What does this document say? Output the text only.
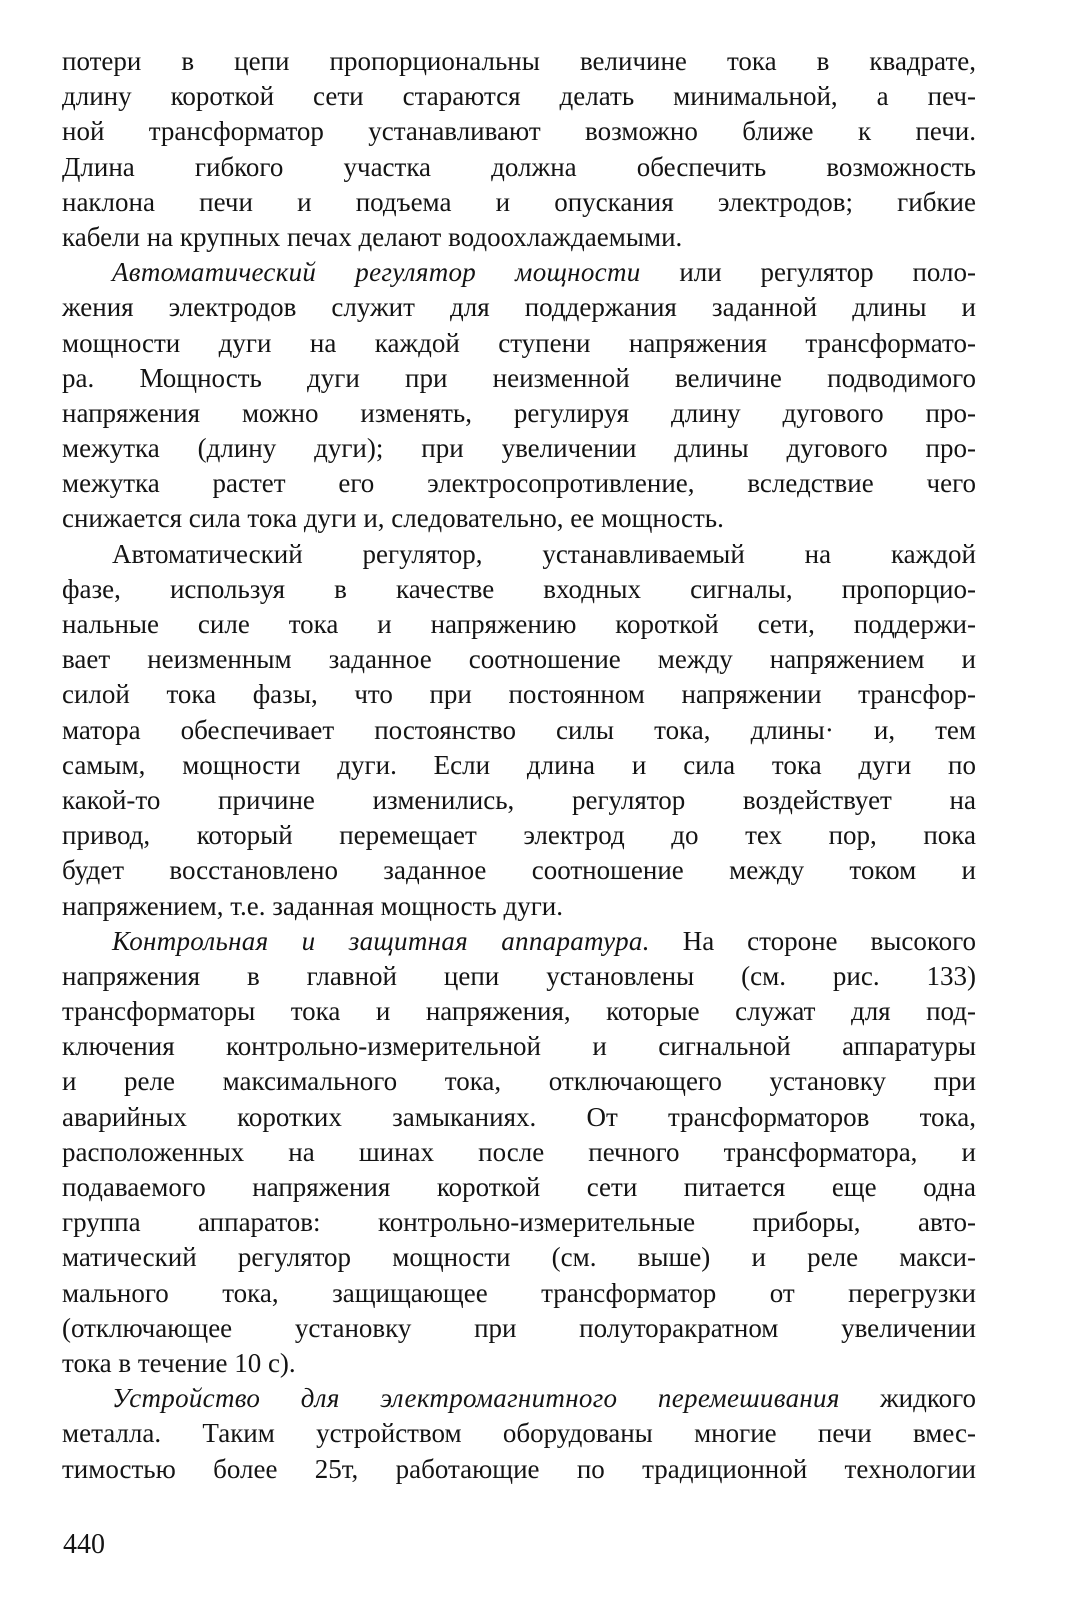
потери в цепи пропорциональны величине тока в квадрате,
длину короткой сети стараются делать минимальной, а печ-
ной трансформатор устанавливают возможно ближе к печи.
Длина гибкого участка должна обеспечить возможность
наклона печи и подъема и опускания электродов; гибкие
кабели на крупных печах делают водоохлаждаемыми.

Автоматический регулятор мощности или регулятор поло-
жения электродов служит для поддержания заданной длины и
мощности дуги на каждой ступени напряжения трансформато-
ра. Мощность дуги при неизменной величине подводимого
напряжения можно изменять, регулируя длину дугового про-
межутка (длину дуги); при увеличении длины дугового про-
межутка растет его электросопротивление, вследствие чего
снижается сила тока дуги и, следовательно, ее мощность.

Автоматический регулятор, устанавливаемый на каждой
фазе, используя в качестве входных сигналы, пропорцио-
нальные силе тока и напряжению короткой сети, поддержи-
вает неизменным заданное соотношение между напряжением и
силой тока фазы, что при постоянном напряжении трансфор-
матора обеспечивает постоянство силы тока, длины· и, тем
самым, мощности дуги. Если длина и сила тока дуги по
какой-то причине изменились, регулятор воздействует на
привод, который перемещает электрод до тех пор, пока
будет восстановлено заданное соотношение между током и
напряжением, т.е. заданная мощность дуги.

Контрольная и защитная аппаратура. На стороне высокого
напряжения в главной цепи установлены (см. рис. 133)
трансформаторы тока и напряжения, которые служат для под-
ключения контрольно-измерительной и сигнальной аппаратуры
и реле максимального тока, отключающего установку при
аварийных коротких замыканиях. От трансформаторов тока,
расположенных на шинах после печного трансформатора, и
подаваемого напряжения короткой сети питается еще одна
группа аппаратов: контрольно-измерительные приборы, авто-
матический регулятор мощности (см. выше) и реле макси-
мального тока, защищающее трансформатор от перегрузки
(отключающее установку при полуторакратном увеличении
тока в течение 10 с).

Устройство для электромагнитного перемешивания жидкого
металла. Таким устройством оборудованы многие печи вмес-
тимостью более 25т, работающие по традиционной технологии

440
